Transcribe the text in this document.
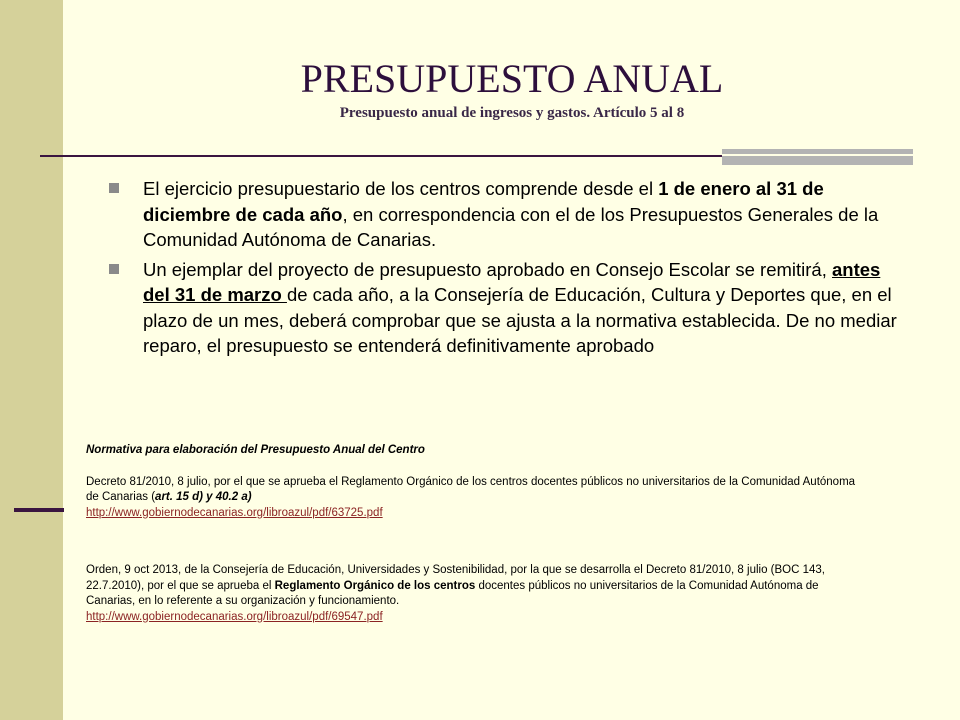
PRESUPUESTO ANUAL
Presupuesto anual de ingresos y gastos. Artículo 5 al 8
El ejercicio presupuestario de los centros comprende desde el 1 de enero al 31 de diciembre de cada año, en correspondencia con el de los Presupuestos Generales de la Comunidad Autónoma de Canarias.
Un ejemplar del proyecto de presupuesto aprobado en Consejo Escolar se remitirá, antes del 31 de marzo de cada año, a la Consejería de Educación, Cultura y Deportes que, en el plazo de un mes, deberá comprobar que se ajusta a la normativa establecida. De no mediar reparo, el presupuesto se entenderá definitivamente aprobado
Normativa para elaboración del Presupuesto Anual del Centro
Decreto 81/2010, 8 julio, por el que se aprueba el Reglamento Orgánico de los centros docentes públicos no universitarios de la Comunidad Autónoma de Canarias (art. 15 d) y 40.2 a)
http://www.gobiernodecanarias.org/libroazul/pdf/63725.pdf
Orden, 9 oct 2013, de la Consejería de Educación, Universidades y Sostenibilidad, por la que se desarrolla el Decreto 81/2010, 8 julio (BOC 143, 22.7.2010), por el que se aprueba el Reglamento Orgánico de los centros docentes públicos no universitarios de la Comunidad Autónoma de Canarias, en lo referente a su organización y funcionamiento.
http://www.gobiernodecanarias.org/libroazul/pdf/69547.pdf
